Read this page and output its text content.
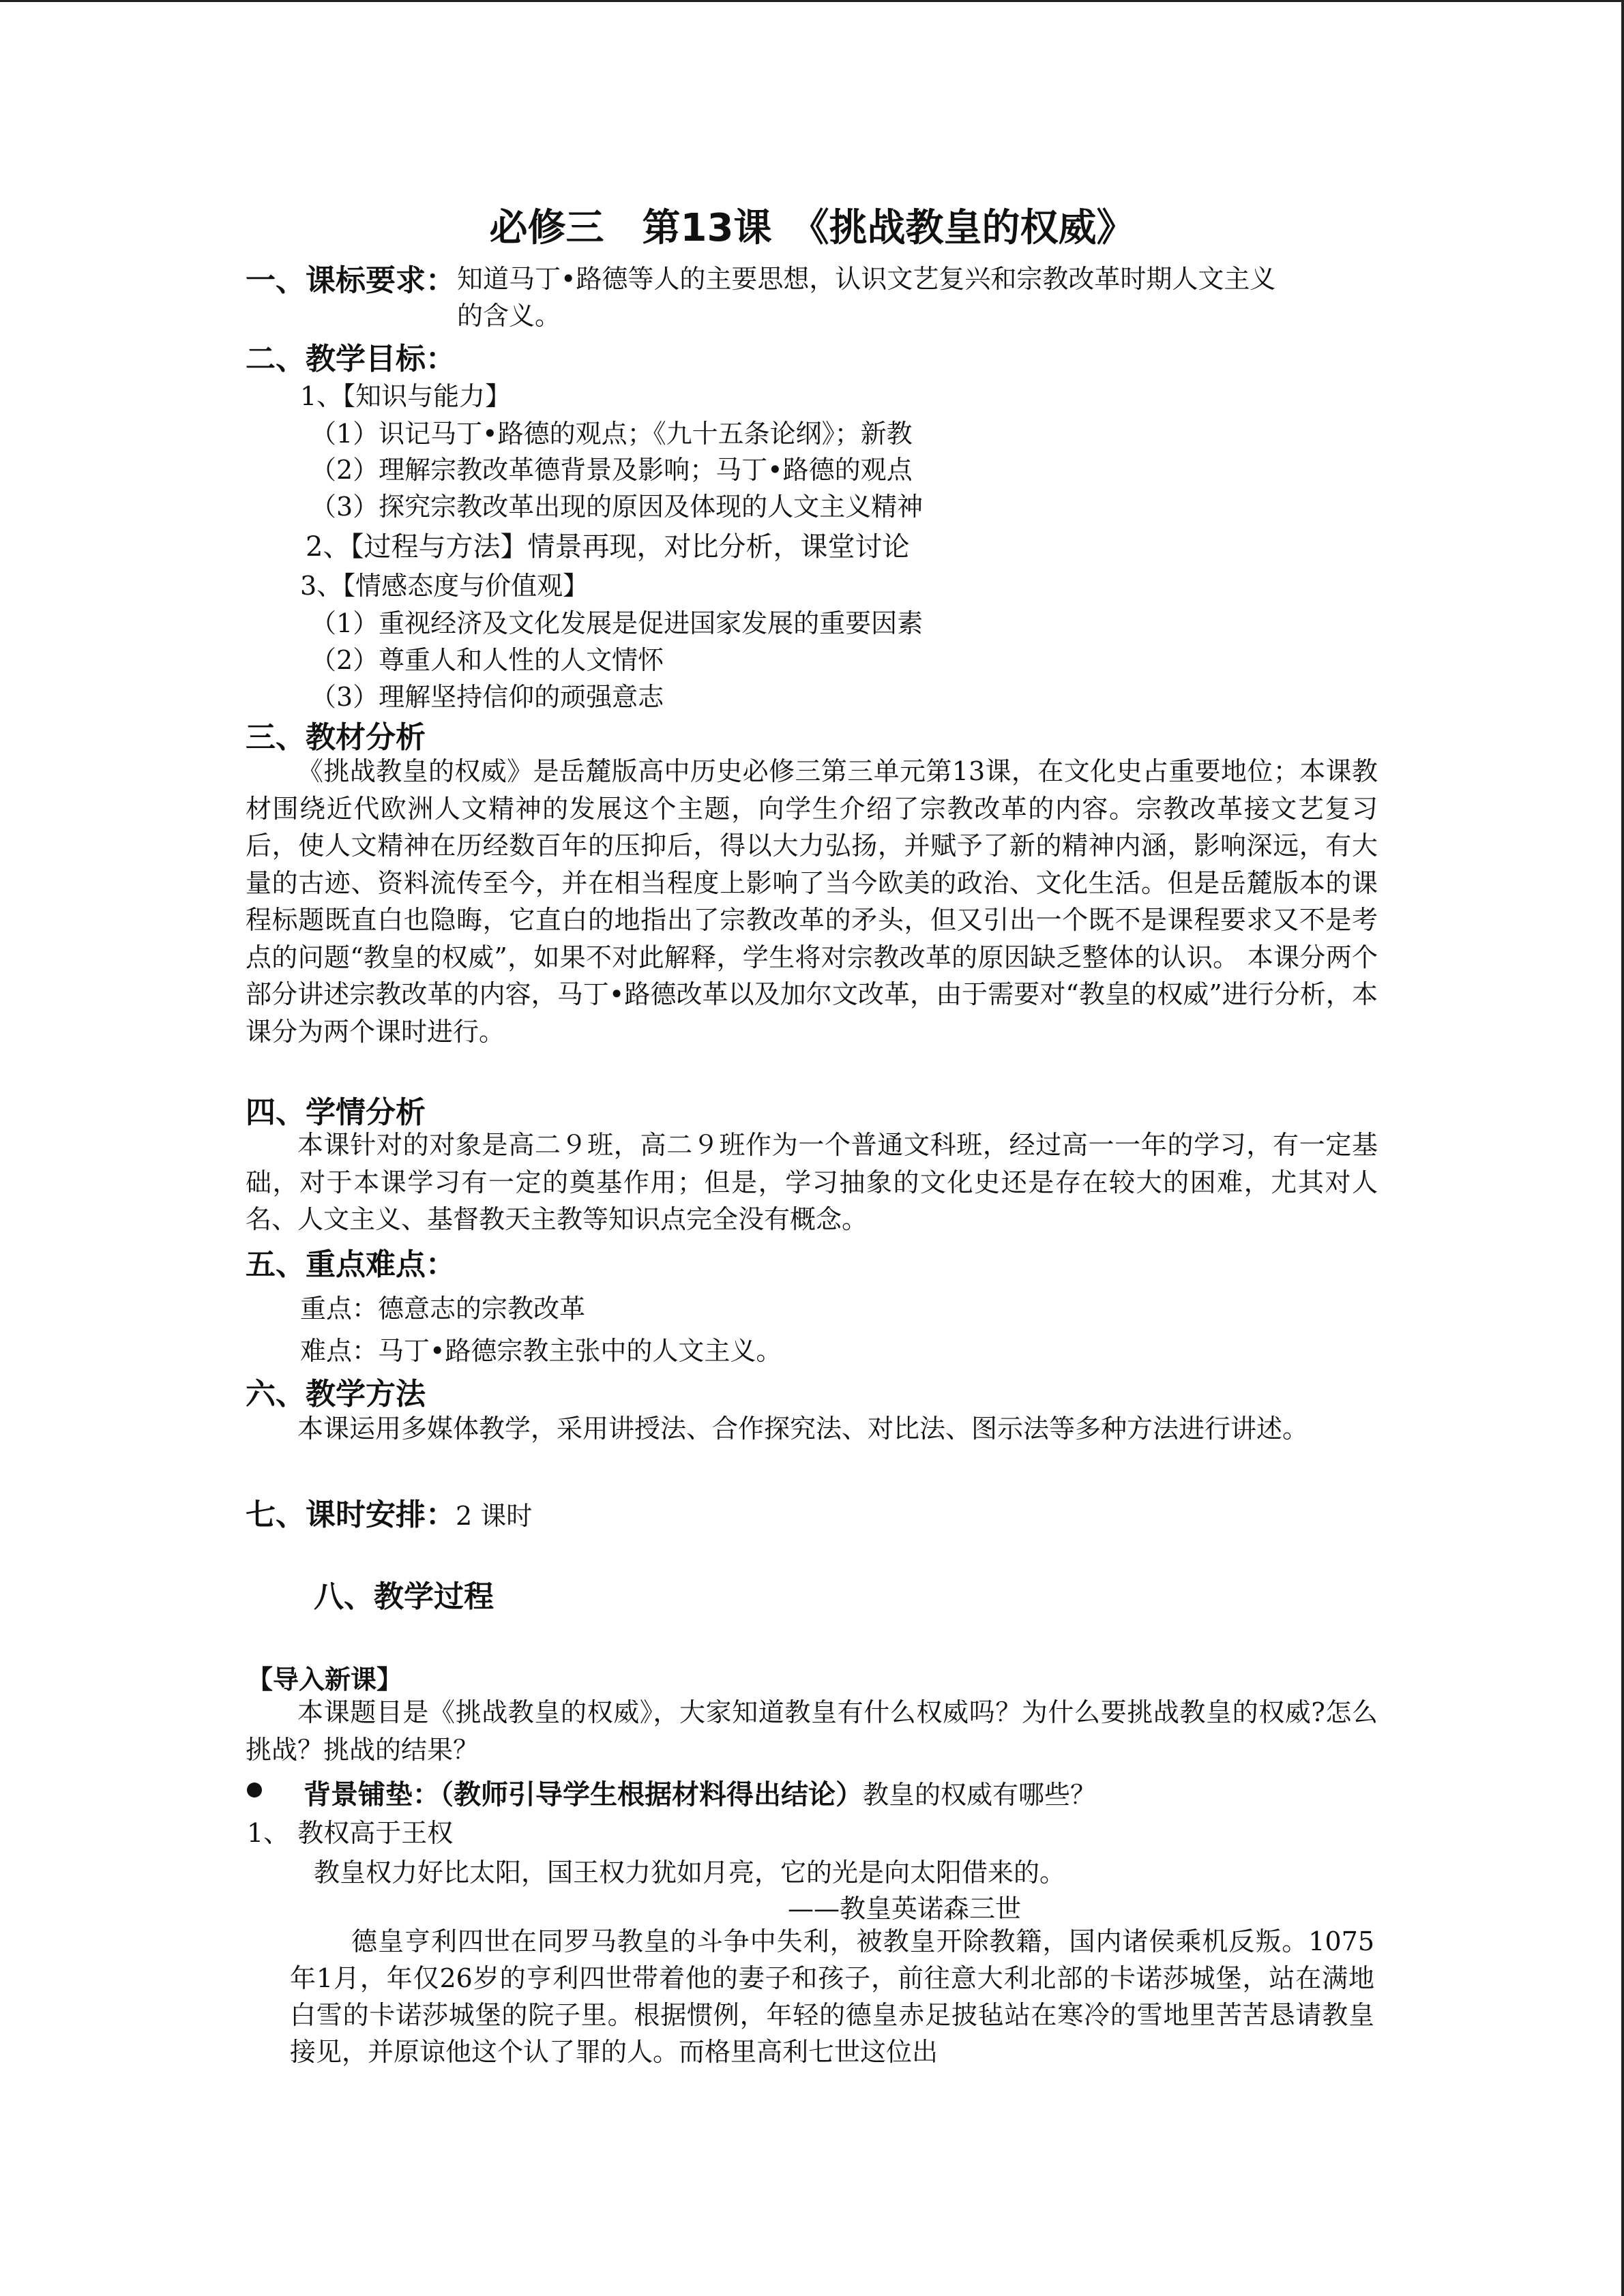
必修三　第13课　《挑战教皇的权威》
一、课标要求： 知道马丁•路德等人的主要思想，认识文艺复兴和宗教改革时期人文主义
的含义。
二、教学目标：
1、【知识与能力】
（1）识记马丁•路德的观点；《九十五条论纲》；新教
（2）理解宗教改革德背景及影响；马丁•路德的观点
（3）探究宗教改革出现的原因及体现的人文主义精神
2、【过程与方法】情景再现，对比分析，课堂讨论
3、【情感态度与价值观】
（1）重视经济及文化发展是促进国家发展的重要因素
（2）尊重人和人性的人文情怀
（3）理解坚持信仰的顽强意志
三、教材分析
《挑战教皇的权威》是岳麓版高中历史必修三第三单元第13课，在文化史占重要地位；本课教材围绕近代欧洲人文精神的发展这个主题，向学生介绍了宗教改革的内容。宗教改革接文艺复习后，使人文精神在历经数百年的压抑后，得以大力弘扬，并赋予了新的精神内涵，影响深远，有大量的古迹、资料流传至今，并在相当程度上影响了当今欧美的政治、文化生活。但是岳麓版本的课程标题既直白也隐晦，它直白的地指出了宗教改革的矛头，但又引出一个既不是课程要求又不是考点的问题“教皇的权威”，如果不对此解释，学生将对宗教改革的原因缺乏整体的认识。 本课分两个部分讲述宗教改革的内容，马丁•路德改革以及加尔文改革，由于需要对“教皇的权威”进行分析，本课分为两个课时进行。
四、学情分析
本课针对的对象是高二９班，高二９班作为一个普通文科班，经过高一一年的学习，有一定基础，对于本课学习有一定的奠基作用；但是，学习抽象的文化史还是存在较大的困难，尤其对人名、人文主义、基督教天主教等知识点完全没有概念。
五、重点难点：
重点：德意志的宗教改革
难点：马丁•路德宗教主张中的人文主义。
六、教学方法
本课运用多媒体教学，采用讲授法、合作探究法、对比法、图示法等多种方法进行讲述。
七、课时安排：2 课时
八、教学过程
【导入新课】
本课题目是《挑战教皇的权威》，大家知道教皇有什么权威吗？为什么要挑战教皇的权威?怎么挑战？挑战的结果？
背景铺垫：（教师引导学生根据材料得出结论）教皇的权威有哪些？
1、 教权高于王权
教皇权力好比太阳，国王权力犹如月亮，它的光是向太阳借来的。
——教皇英诺森三世
德皇亨利四世在同罗马教皇的斗争中失利，被教皇开除教籍，国内诸侯乘机反叛。1075年1月，年仅26岁的亨利四世带着他的妻子和孩子，前往意大利北部的卡诺莎城堡，站在满地白雪的卡诺莎城堡的院子里。根据惯例，年轻的德皇赤足披毡站在寒冷的雪地里苦苦恳请教皇接见，并原谅他这个认了罪的人。而格里高利七世这位出
